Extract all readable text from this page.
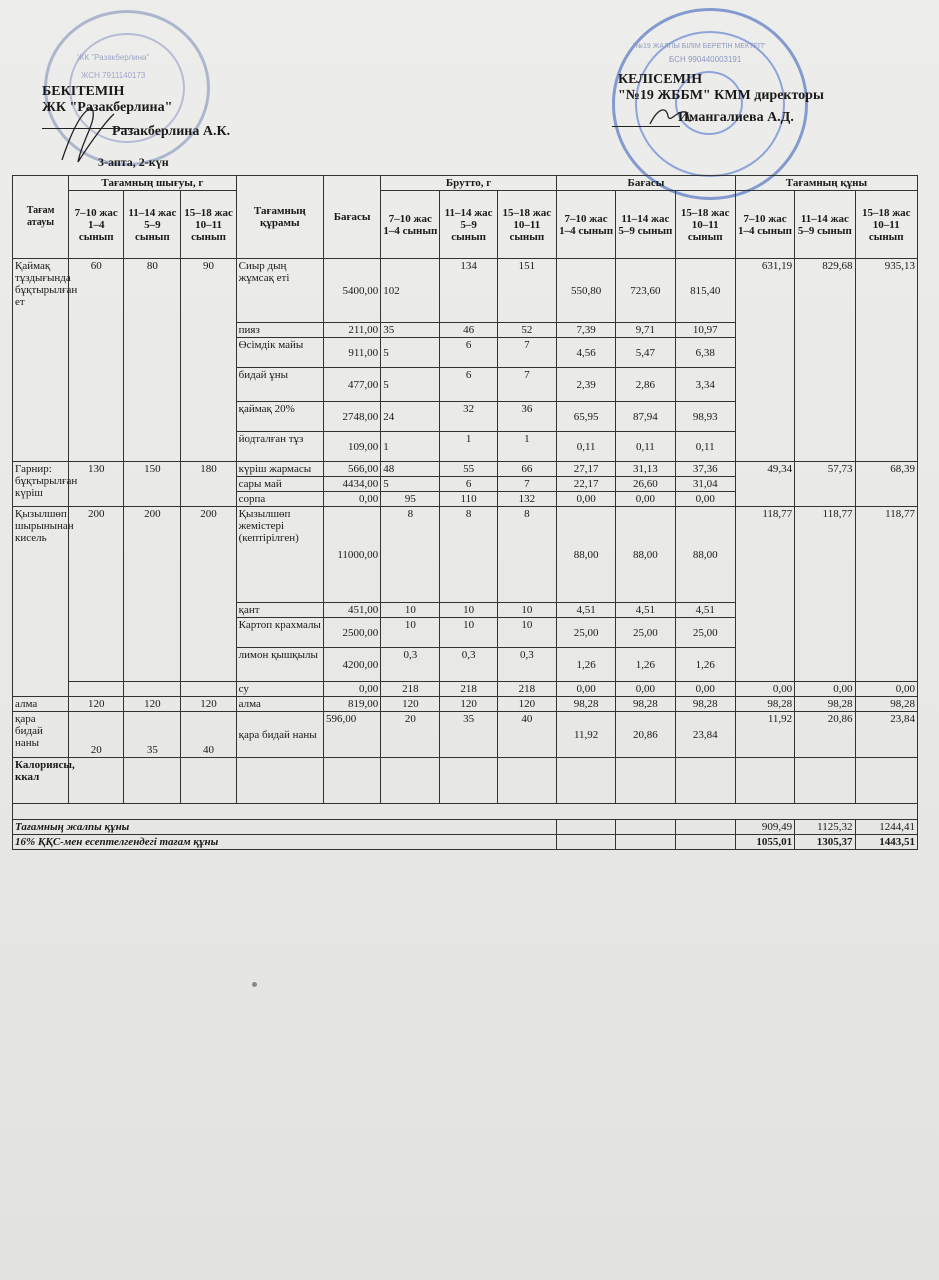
ЖК "Разакберлина"
ЖСН 7911140173
"№19 ЖАЛПЫ БІЛІМ БЕРЕТІН МЕКТЕП"
БСН 990440003191
БЕКІТЕМІН
ЖК "Разакберлина"
Разакберлина А.К.
3-апта, 2-күн
КЕЛІСЕМІН
"№19 ЖББМ" КММ директоры
Имангалиева А.Д.
Тағам атауы	Тағамның шығуы, г			Тағамның құрамы	Бағасы	Брутто, г			Бағасы			Тағамның құны		
	7–10 жас 1–4 сынып	11–14 жас 5–9 сынып	15–18 жас 10–11 сынып			7–10 жас 1–4 сынып	11–14 жас 5–9 сынып	15–18 жас 10–11 сынып	7–10 жас 1–4 сынып	11–14 жас 5–9 сынып	15–18 жас 10–11 сынып	7–10 жас 1–4 сынып	11–14 жас 5–9 сынып	15–18 жас 10–11 сынып
Қаймақ тұздығында бұқтырылған ет	60	80	90	Сиыр дың жұмсақ еті	5400,00	102	134	151	550,80	723,60	815,40	631,19	829,68	935,13
				пияз	211,00	35	46	52	7,39	9,71	10,97			
				Өсімдік майы	911,00	5	6	7	4,56	5,47	6,38			
				бидай ұны	477,00	5	6	7	2,39	2,86	3,34			
				қаймақ 20%	2748,00	24	32	36	65,95	87,94	98,93			
				йодталған тұз	109,00	1	1	1	0,11	0,11	0,11			
Гарнир: бұқтырылған күріш	130	150	180	күріш жармасы	566,00	48	55	66	27,17	31,13	37,36	49,34	57,73	68,39
				сары май	4434,00	5	6	7	22,17	26,60	31,04			
				сорпа	0,00	95	110	132	0,00	0,00	0,00			
Қызылшөп шырынынан кисель	200	200	200	Қызылшөп жемістері (кептірілген)	11000,00	8	8	8	88,00	88,00	88,00	118,77	118,77	118,77
				қант	451,00	10	10	10	4,51	4,51	4,51			
				Картоп крахмалы	2500,00	10	10	10	25,00	25,00	25,00			
				лимон қышқылы	4200,00	0,3	0,3	0,3	1,26	1,26	1,26			
				су	0,00	218	218	218	0,00	0,00	0,00	0,00	0,00	0,00
алма	120	120	120	алма	819,00	120	120	120	98,28	98,28	98,28	98,28	98,28	98,28
қара бидай наны	20	35	40	қара бидай наны	596,00	20	35	40	11,92	20,86	23,84	11,92	20,86	23,84
Калориясы, ккал														

Тағамның жалпы құны												909,49	1125,32	1244,41
16% ҚҚС-мен есептелгендегі тағам құны												1055,01	1305,37	1443,51
